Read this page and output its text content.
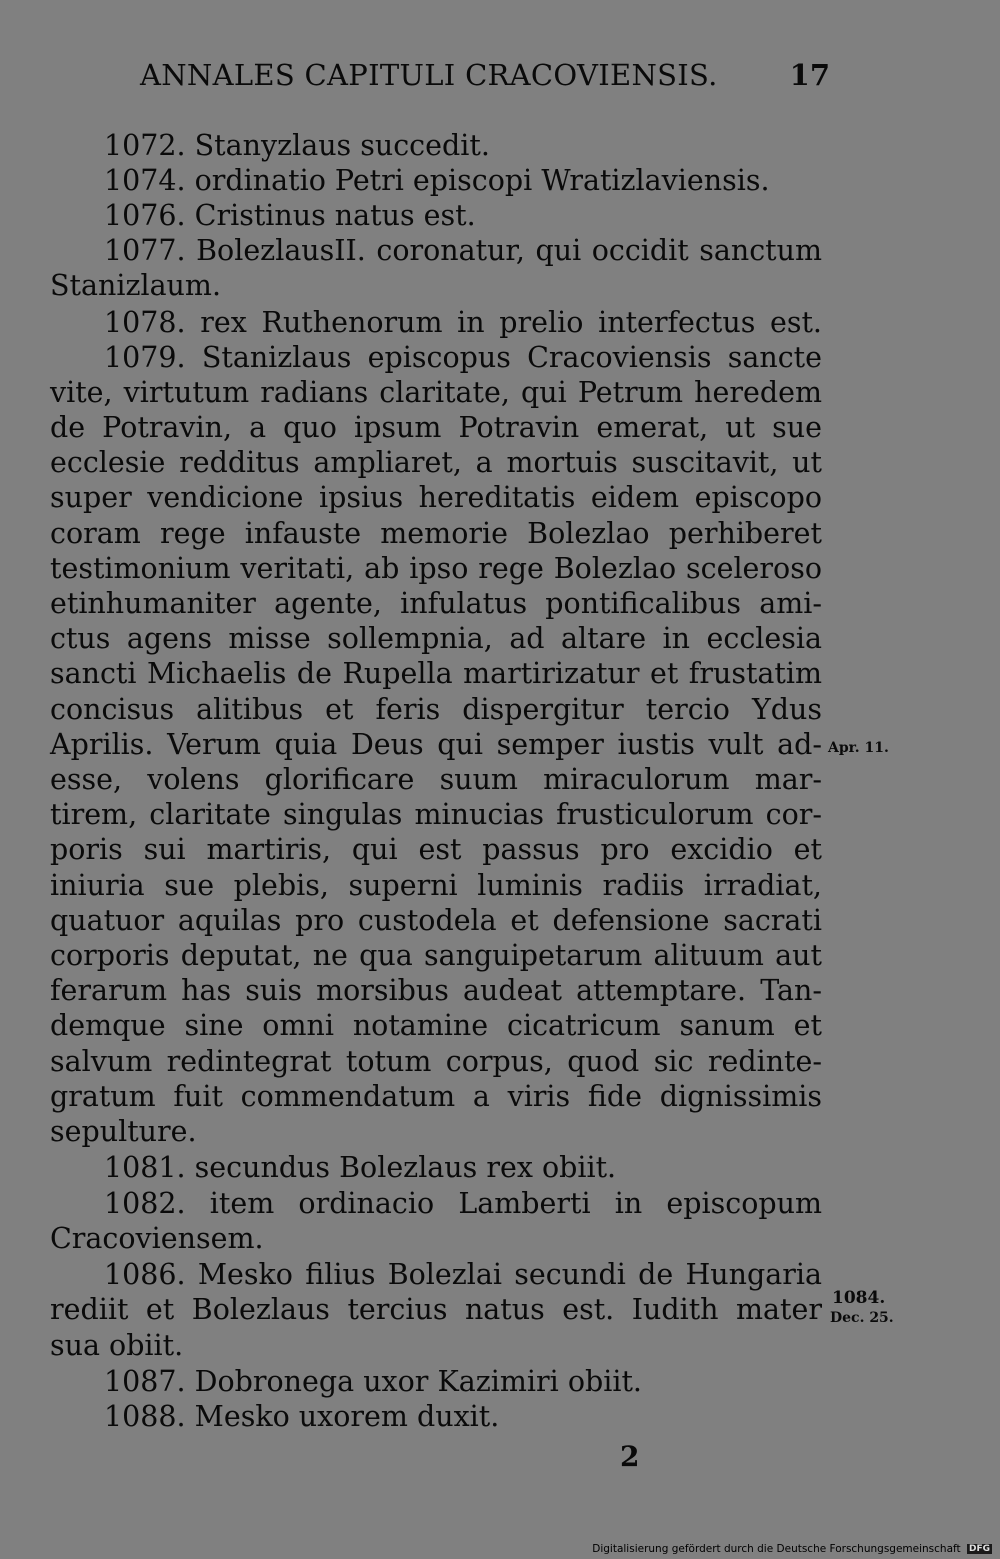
ANNALES CAPITULI CRACOVIENSIS. 17
1072. Stanyzlaus succedit.
1074. ordinatio Petri episcopi Wratizlaviensis.
1076. Cristinus natus est.
1077. BolezlausII. coronatur, qui occidit sanctum
Stanizlaum.
1078. rex Ruthenorum in prelio interfectus est.
1079. Stanizlaus episcopus Cracoviensis sancte
vite, virtutum radians claritate, qui Petrum heredem
de Potravin, a quo ipsum Potravin emerat, ut sue
ecclesie redditus ampliaret, a mortuis suscitavit, ut
super vendicione ipsius hereditatis eidem episcopo
coram rege infauste memorie Bolezlao perhiberet
testimonium veritati, ab ipso rege Bolezlao sceleroso
etinhumaniter agente, infulatus pontificalibus ami-
ctus agens misse sollempnia, ad altare in ecclesia
sancti Michaelis de Rupella martirizatur et frustatim
concisus alitibus et feris dispergitur tercio Ydus
Aprilis. Verum quia Deus qui semper iustis vult ad-
esse, volens glorificare suum miraculorum mar-
tirem, claritate singulas minucias frusticulorum cor-
poris sui martiris, qui est passus pro excidio et
iniuria sue plebis, superni luminis radiis irradiat,
quatuor aquilas pro custodela et defensione sacrati
corporis deputat, ne qua sanguipetarum alituum aut
ferarum has suis morsibus audeat attemptare. Tan-
demque sine omni notamine cicatricum sanum et
salvum redintegrat totum corpus, quod sic redinte-
gratum fuit commendatum a viris fide dignissimis
sepulture.
1081. secundus Bolezlaus rex obiit.
1082. item ordinacio Lamberti in episcopum
Cracoviensem.
1086. Mesko filius Bolezlai secundi de Hungaria
rediit et Bolezlaus tercius natus est. Iudith mater
sua obiit.
1087. Dobronega uxor Kazimiri obiit.
1088. Mesko uxorem duxit.
Apr. 11.
1084.
Dec. 25.
2
Digitalisierung gefördert durch die Deutsche Forschungsgemeinschaft DFG
